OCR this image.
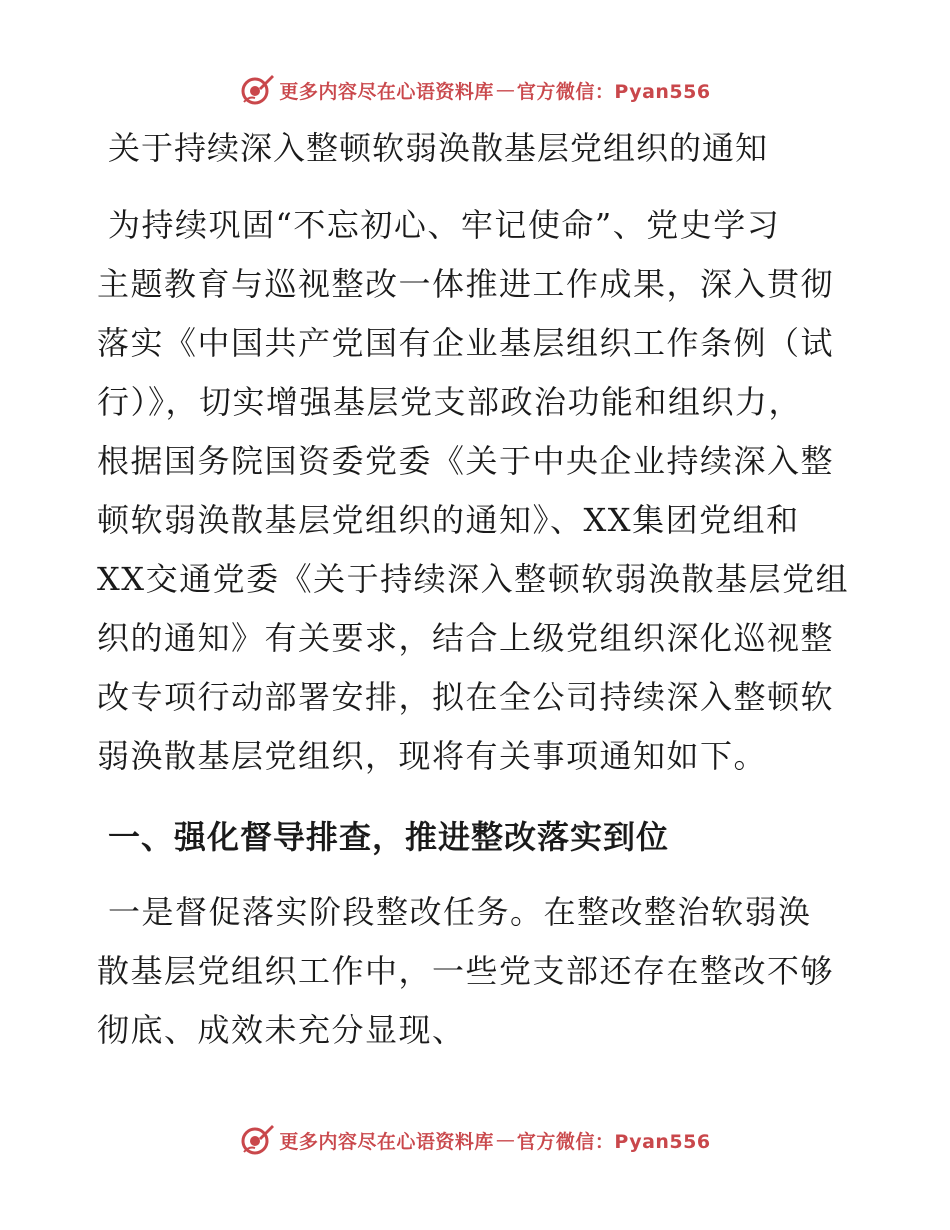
更多内容尽在心语资料库 — 官方微信：Pyan556
关于持续深入整顿软弱涣散基层党组织的通知

为持续巩固“不忘初心、牢记使命”、党史学习
主题教育与巡视整改一体推进工作成果，深入贯彻
落实《中国共产党国有企业基层组织工作条例（试
行）》，切实增强基层党支部政治功能和组织力，
根据国务院国资委党委《关于中央企业持续深入整
顿软弱涣散基层党组织的通知》、XX集团党组和
XX交通党委《关于持续深入整顿软弱涣散基层党组
织的通知》有关要求，结合上级党组织深化巡视整
改专项行动部署安排，拟在全公司持续深入整顿软
弱涣散基层党组织，现将有关事项通知如下。

一、强化督导排查，推进整改落实到位

一是督促落实阶段整改任务。在整改整治软弱涣
散基层党组织工作中，一些党支部还存在整改不够
彻底、成效未充分显现、

更多内容尽在心语资料库 — 官方微信：Pyan556
